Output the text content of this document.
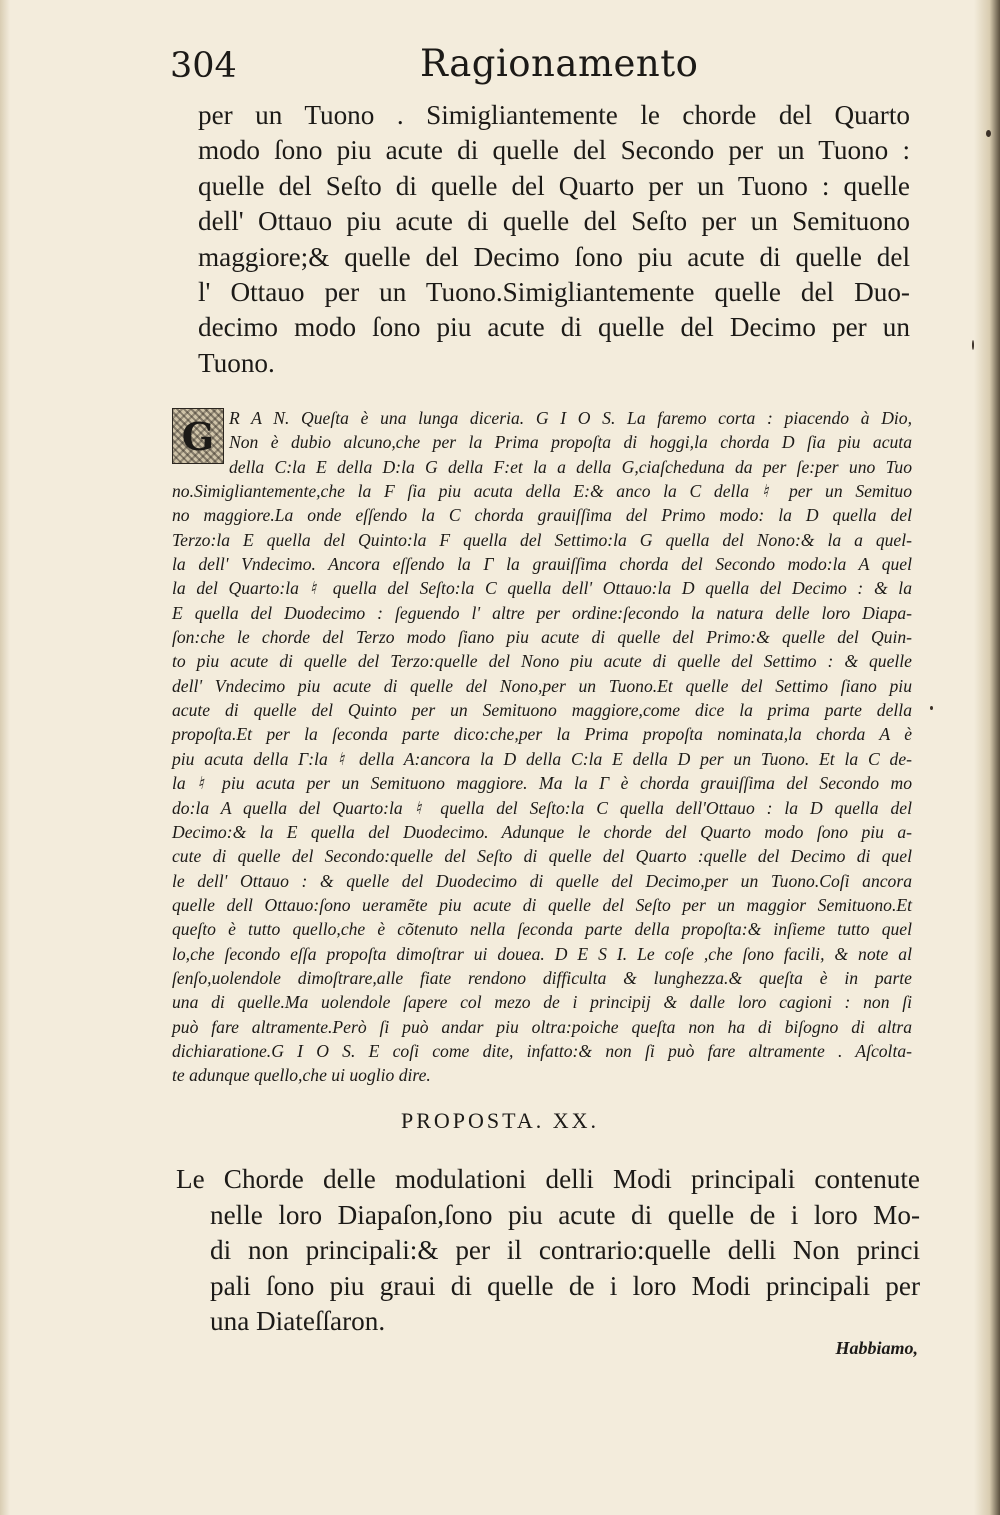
304	Ragionamento
per un Tuono . Simigliantemente le chorde del Quarto
modo ſono piu acute di quelle del Secondo per un Tuono :
quelle del Seſto di quelle del Quarto per un Tuono : quelle
dell' Ottauo piu acute di quelle del Seſto per un Semituono
maggiore;& quelle del Decimo ſono piu acute di quelle del
l' Ottauo per un Tuono.Simigliantemente quelle del Duo-
decimo modo ſono piu acute di quelle del Decimo per un
Tuono.
G R A N. Queſta è una lunga diceria. G I O S. La faremo corta : piacendo à Dio,
Non è dubio alcuno,che per la Prima propoſta di hoggi,la chorda D ſia piu acuta
della C:la E della D:la G della F:et la a della G,ciaſcheduna da per ſe:per uno Tuo
no.Simigliantemente,che la F ſia piu acuta della E:& anco la C della ♮ per un Semituo
no maggiore.La onde eſſendo la C chorda grauiſſima del Primo modo: la D quella del
Terzo:la E quella del Quinto:la F quella del Settimo:la G quella del Nono:& la a quel-
la dell' Vndecimo. Ancora eſſendo la Γ la grauiſſima chorda del Secondo modo:la A quel
la del Quarto:la ♮ quella del Seſto:la C quella dell' Ottauo:la D quella del Decimo : & la
E quella del Duodecimo : ſeguendo l' altre per ordine:ſecondo la natura delle loro Diapa-
ſon:che le chorde del Terzo modo ſiano piu acute di quelle del Primo:& quelle del Quin-
to piu acute di quelle del Terzo:quelle del Nono piu acute di quelle del Settimo : & quelle
dell' Vndecimo piu acute di quelle del Nono,per un Tuono.Et quelle del Settimo ſiano piu
acute di quelle del Quinto per un Semituono maggiore,come dice la prima parte della
propoſta.Et per la ſeconda parte dico:che,per la Prima propoſta nominata,la chorda A è
piu acuta della Γ:la ♮ della A:ancora la D della C:la E della D per un Tuono. Et la C de-
la ♮ piu acuta per un Semituono maggiore. Ma la Γ è chorda grauiſſima del Secondo mo
do:la A quella del Quarto:la ♮ quella del Seſto:la C quella dell'Ottauo : la D quella del
Decimo:& la E quella del Duodecimo. Adunque le chorde del Quarto modo ſono piu a-
cute di quelle del Secondo:quelle del Seſto di quelle del Quarto :quelle del Decimo di quel
le dell' Ottauo : & quelle del Duodecimo di quelle del Decimo,per un Tuono.Coſi ancora
quelle dell Ottauo:ſono ueramẽte piu acute di quelle del Seſto per un maggior Semituono.Et
queſto è tutto quello,che è cõtenuto nella ſeconda parte della propoſta:& inſieme tutto quel
lo,che ſecondo eſſa propoſta dimoſtrar ui doueа. D E S I. Le coſe ,che ſono facili, & note al
ſenſo,uolendole dimoſtrare,alle fiate rendono difficulta & lunghezza.& queſta è in parte
una di quelle.Ma uolendole ſapere col mezo de i principij & dalle loro cagioni : non ſi
può fare altramente.Però ſi può andar piu oltra:poiche queſta non ha di biſogno di altra
dichiaratione.G I O S. E coſi come dite, infatto:& non ſi può fare altramente . Aſcolta-
te adunque quello,che ui uoglio dire.
PROPOSTA. XX.
Le Chorde delle modulationi delli Modi principali contenute
nelle loro Diapaſon,ſono piu acute di quelle de i loro Mo-
di non principali:& per il contrario:quelle delli Non princi
pali ſono piu graui di quelle de i loro Modi principali per
una Diateſſaron.
Habbiamo,
